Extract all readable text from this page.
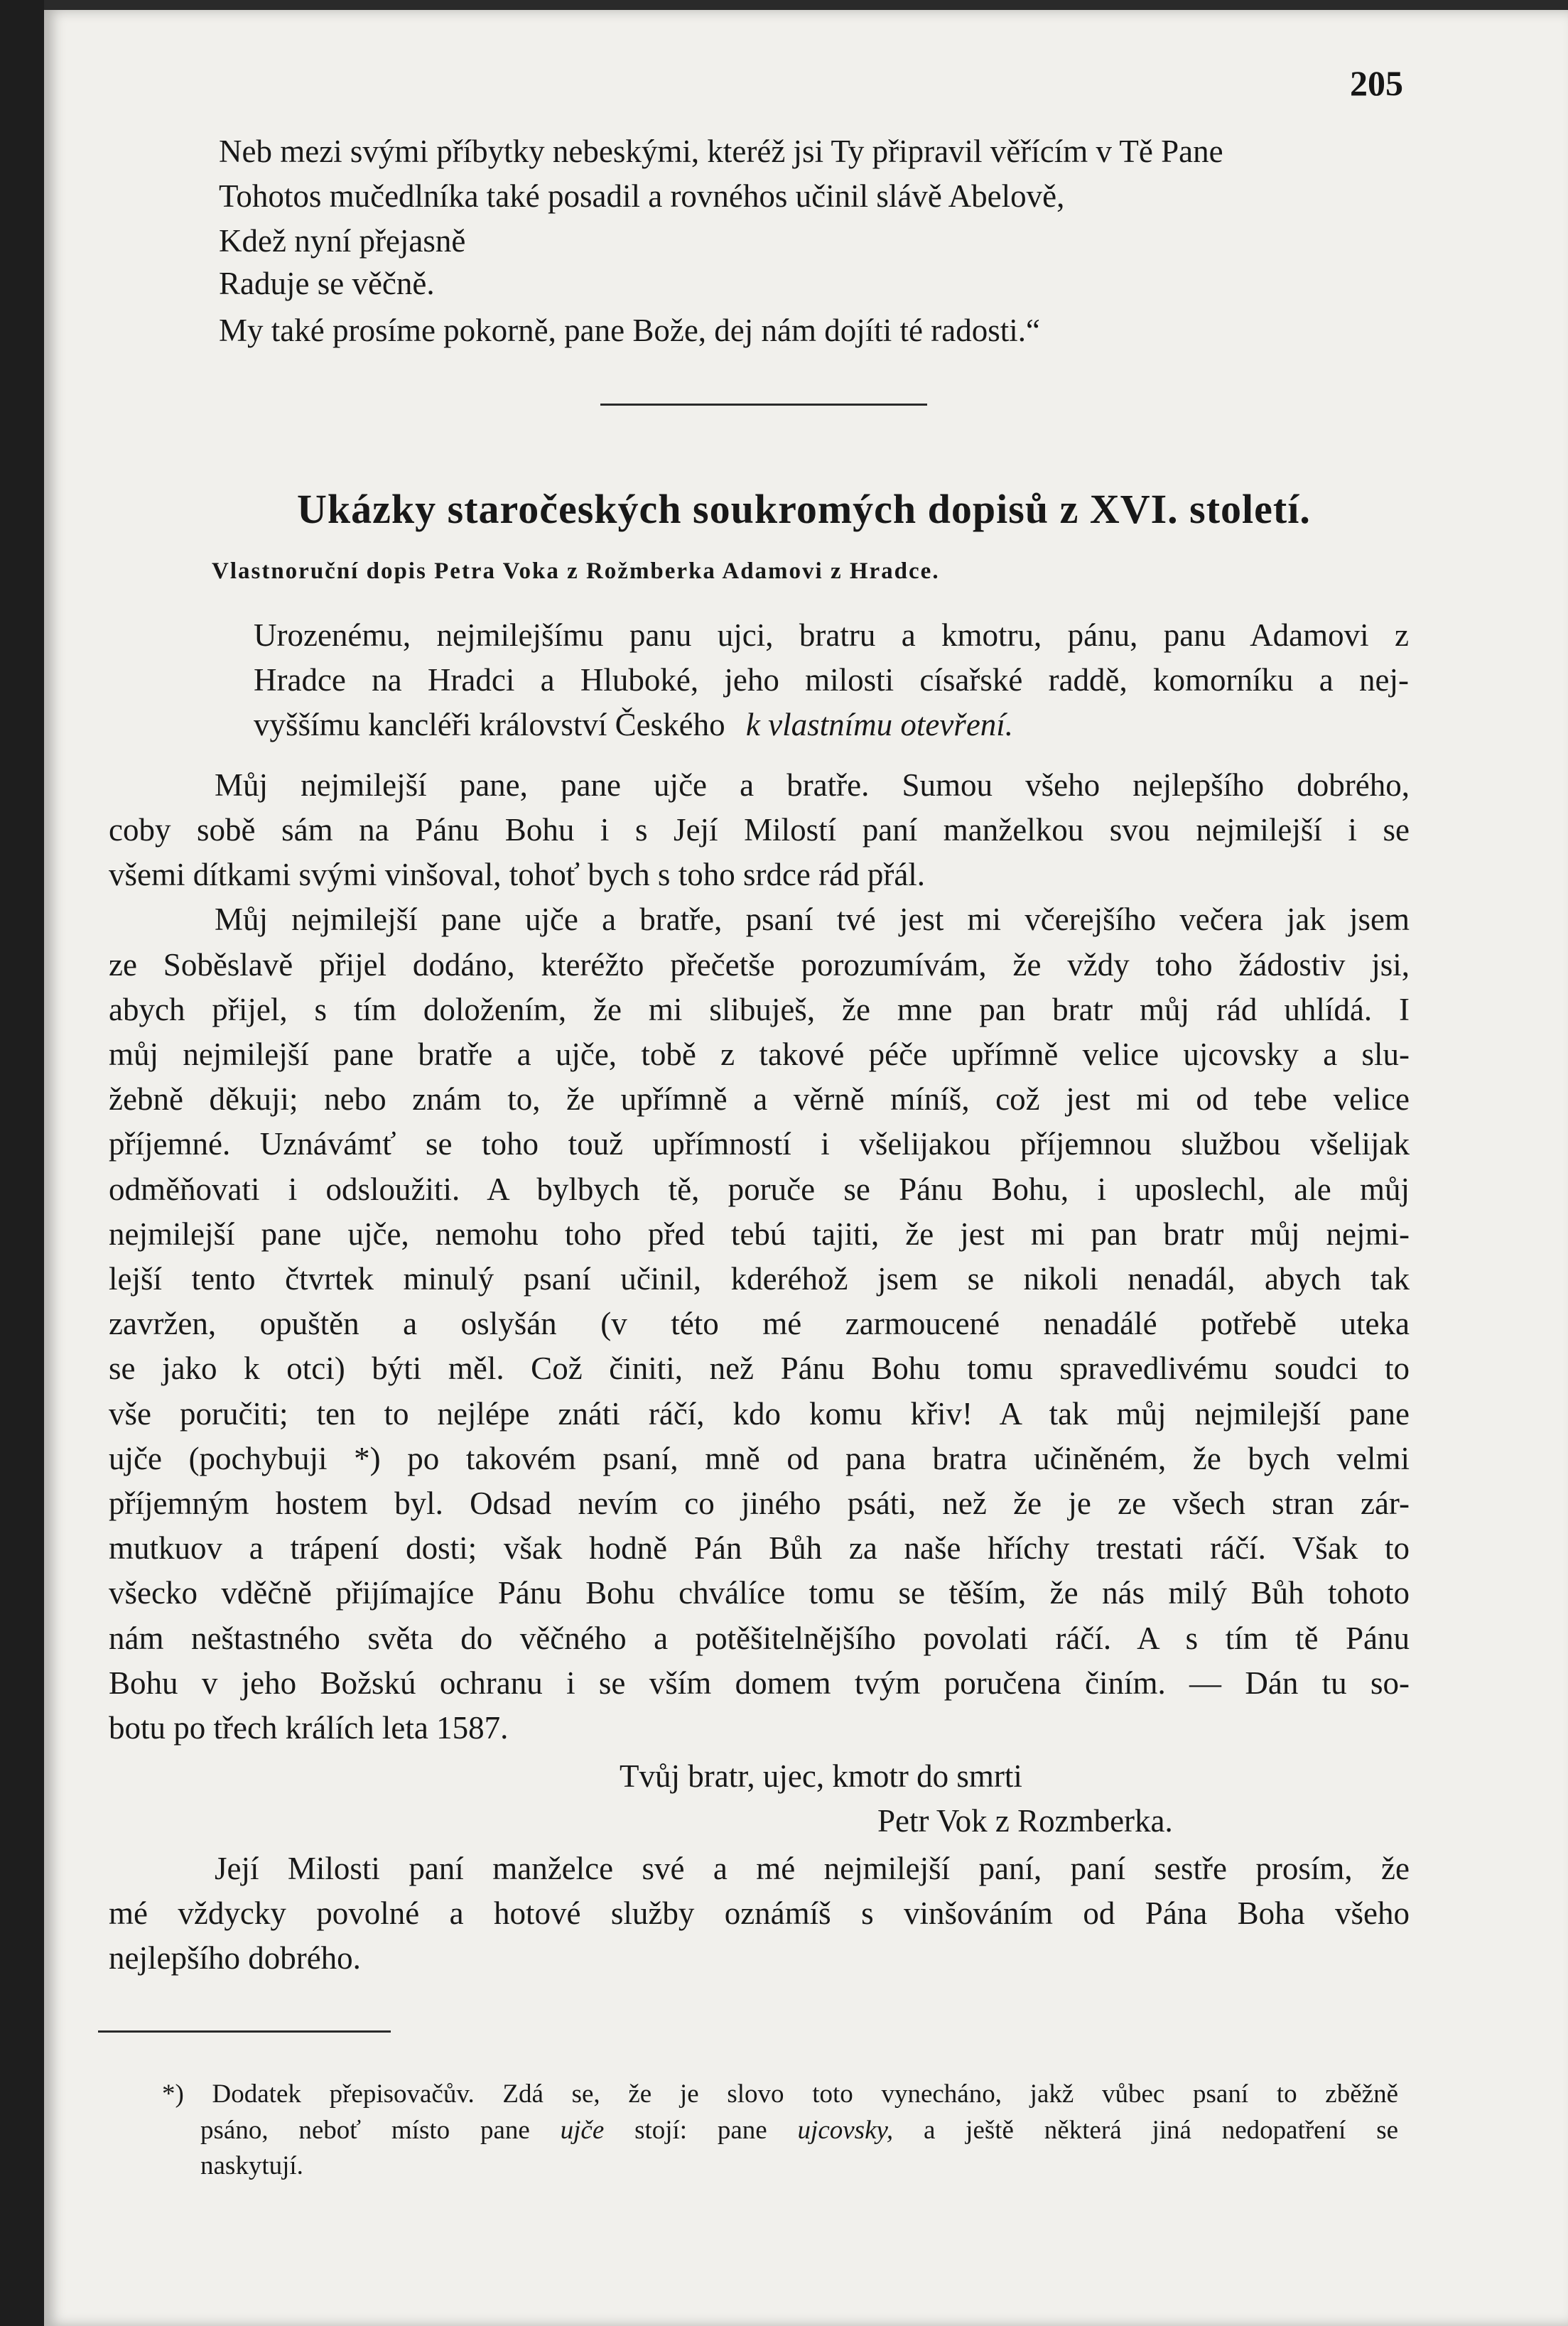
205
Neb mezi svými příbytky nebeskými, kteréž jsi Ty připravil věřícím v Tě Pane
Tohotos mučedlníka také posadil a rovnéhos učinil slávě Abelově,
Kdež nyní přejasně
Raduje se věčně.
My také prosíme pokorně, pane Bože, dej nám dojíti té radosti.“
Ukázky staročeských soukromých dopisů z XVI. století.
Vlastnoruční dopis Petra Voka z Rožmberka Adamovi z Hradce.
Urozenému, nejmilejšímu panu ujci, bratru a kmotru, pánu, panu Adamovi z
Hradce na Hradci a Hluboké, jeho milosti císařské raddě, komorníku a nej-
vyššímu kancléři království Českého k vlastnímu otevření.
Můj nejmilejší pane, pane ujče a bratře. Sumou všeho nejlepšího dobrého,
coby sobě sám na Pánu Bohu i s Její Milostí paní manželkou svou nejmilejší i se
všemi dítkami svými vinšoval, tohoť bych s toho srdce rád přál.
Můj nejmilejší pane ujče a bratře, psaní tvé jest mi včerejšího večera jak jsem
ze Soběslavě přijel dodáno, kteréžto přečetše porozumívám, že vždy toho žádostiv jsi,
abych přijel, s tím doložením, že mi slibuješ, že mne pan bratr můj rád uhlídá. I
můj nejmilejší pane bratře a ujče, tobě z takové péče upřímně velice ujcovsky a slu-
žebně děkuji; nebo znám to, že upřímně a věrně míníš, což jest mi od tebe velice
příjemné. Uznávámť se toho touž upřímností i všelijakou příjemnou službou všelijak
odměňovati i odsloužiti. A bylbych tě, poruče se Pánu Bohu, i uposlechl, ale můj
nejmilejší pane ujče, nemohu toho před tebú tajiti, že jest mi pan bratr můj nejmi-
lejší tento čtvrtek minulý psaní učinil, kderéhož jsem se nikoli nenadál, abych tak
zavržen, opuštěn a oslyšán (v této mé zarmoucené nenadálé potřebě uteka
se jako k otci) býti měl. Což činiti, než Pánu Bohu tomu spravedlivému soudci to
vše poručiti; ten to nejlépe znáti ráčí, kdo komu křiv! A tak můj nejmilejší pane
ujče (pochybuji *) po takovém psaní, mně od pana bratra učiněném, že bych velmi
příjemným hostem byl. Odsad nevím co jiného psáti, než že je ze všech stran zár-
mutkuov a trápení dosti; však hodně Pán Bůh za naše hříchy trestati ráčí. Však to
všecko vděčně přijímajíce Pánu Bohu chválíce tomu se těším, že nás milý Bůh tohoto
nám neštastného světa do věčného a potěšitelnějšího povolati ráčí. A s tím tě Pánu
Bohu v jeho Božskú ochranu i se vším domem tvým poručena činím. — Dán tu so-
botu po třech králích leta 1587.
Tvůj bratr, ujec, kmotr do smrti
Petr Vok z Rozmberka.
Její Milosti paní manželce své a mé nejmilejší paní, paní sestře prosím, že
mé vždycky povolné a hotové služby oznámíš s vinšováním od Pána Boha všeho
nejlepšího dobrého.
*) Dodatek přepisovačův. Zdá se, že je slovo toto vynecháno, jakž vůbec psaní to zběžně
psáno, neboť místo pane ujče stojí: pane ujcovsky, a ještě některá jiná nedopatření se
naskytují.
